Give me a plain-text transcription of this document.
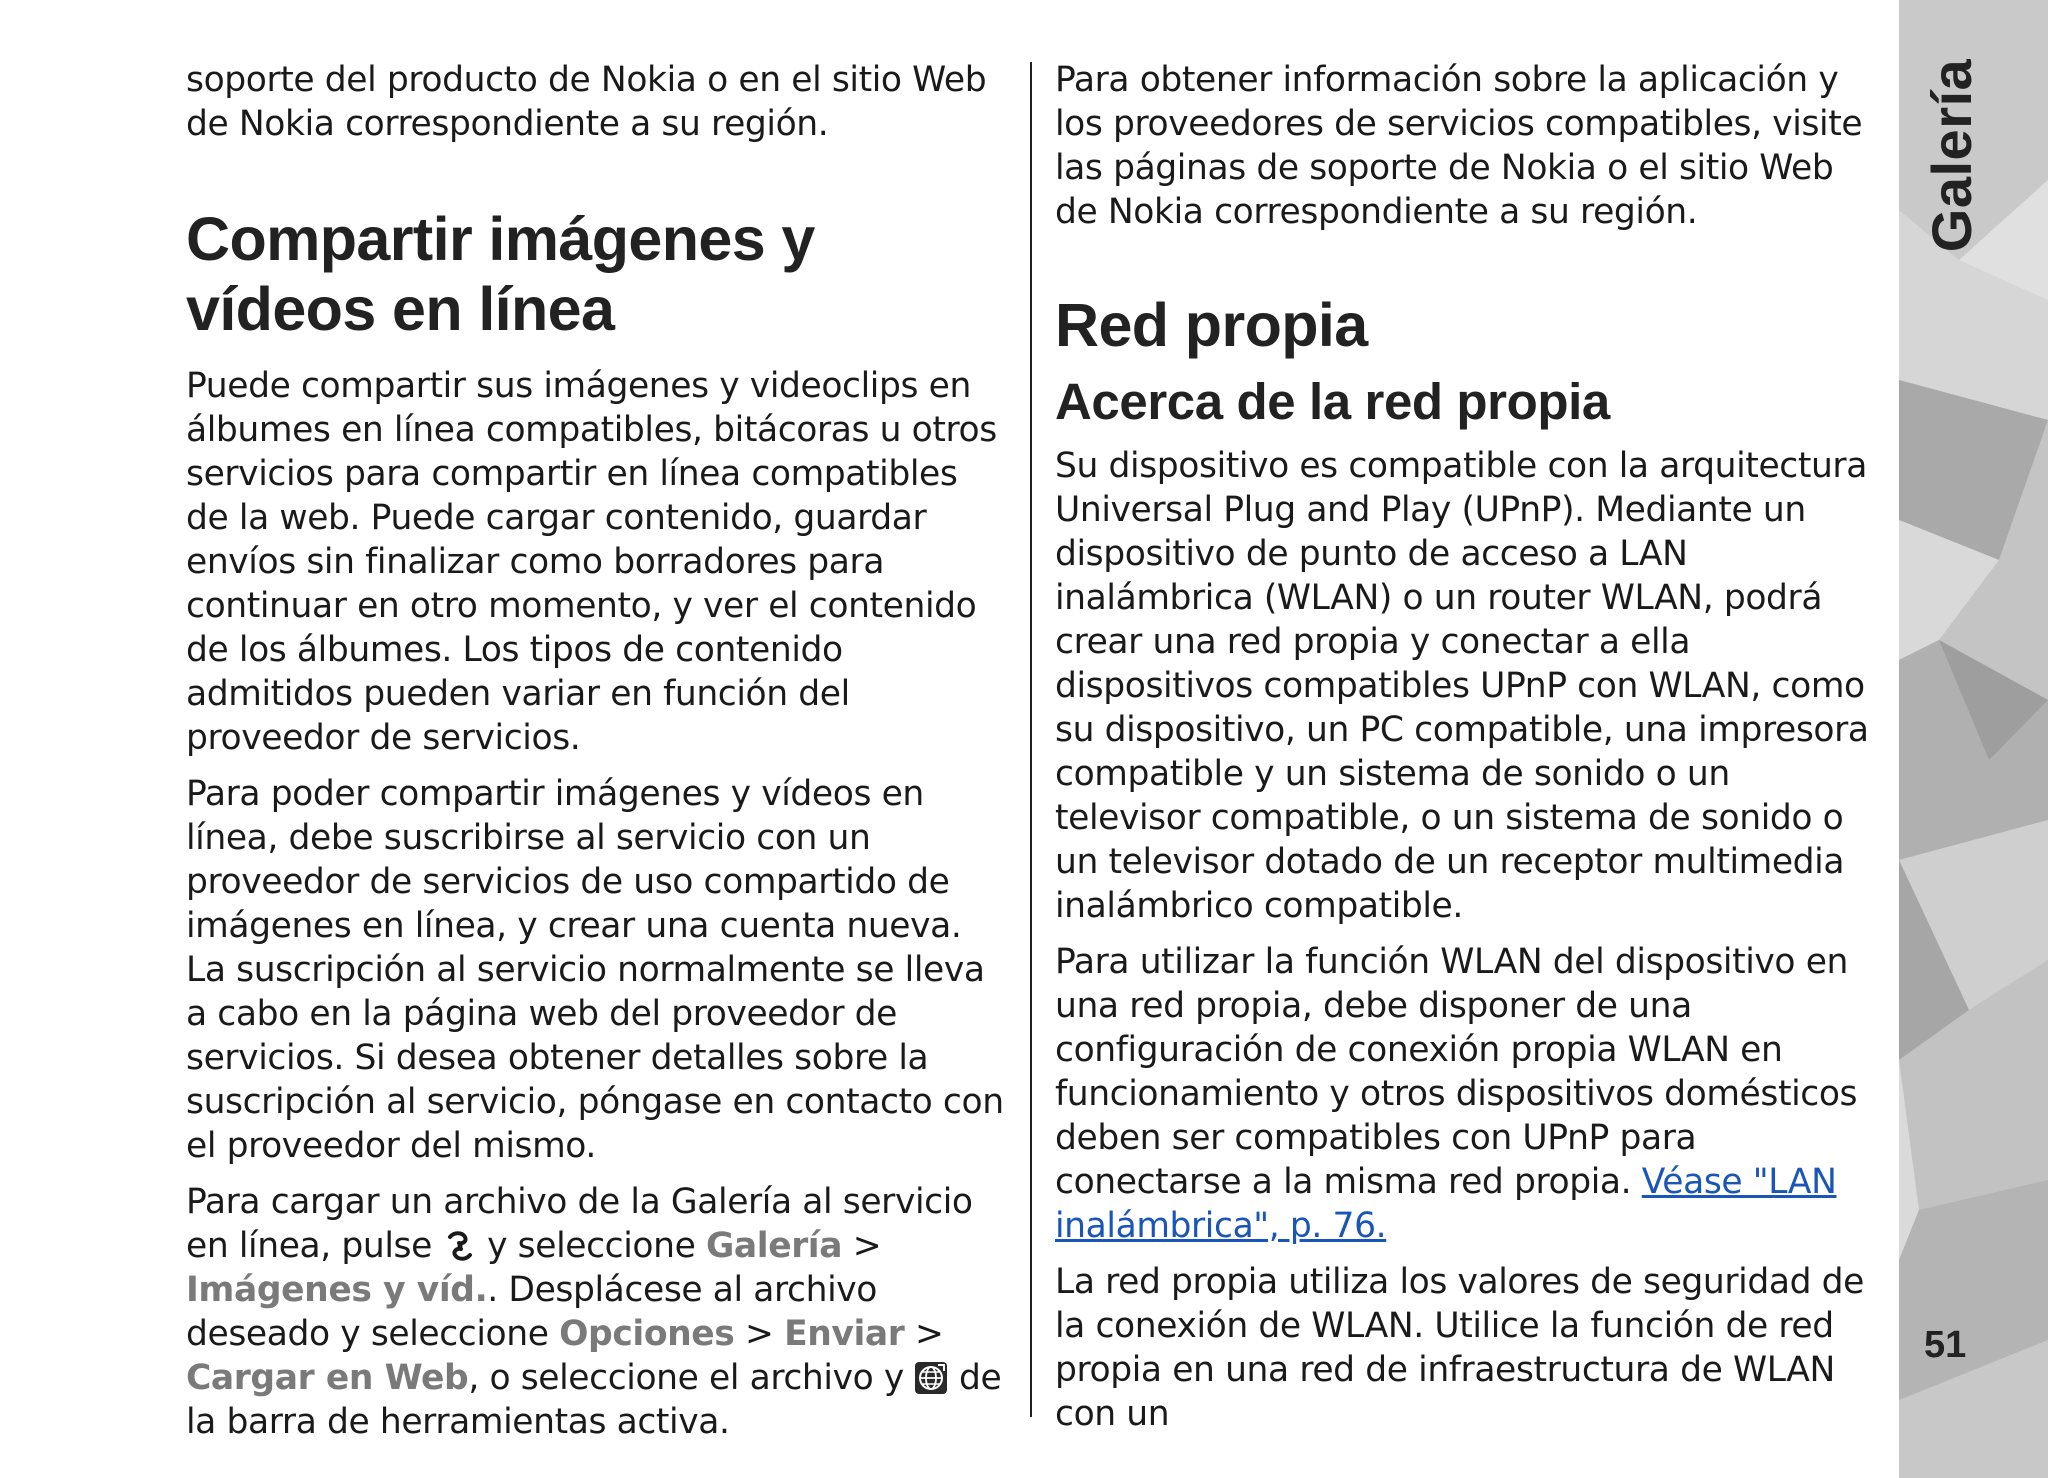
soporte del producto de Nokia o en el sitio Web de Nokia correspondiente a su región.

Compartir imágenes y vídeos en línea

Puede compartir sus imágenes y videoclips en álbumes en línea compatibles, bitácoras u otros servicios para compartir en línea compatibles de la web. Puede cargar contenido, guardar envíos sin finalizar como borradores para continuar en otro momento, y ver el contenido de los álbumes. Los tipos de contenido admitidos pueden variar en función del proveedor de servicios.

Para poder compartir imágenes y vídeos en línea, debe suscribirse al servicio con un proveedor de servicios de uso compartido de imágenes en línea, y crear una cuenta nueva. La suscripción al servicio normalmente se lleva a cabo en la página web del proveedor de servicios. Si desea obtener detalles sobre la suscripción al servicio, póngase en contacto con el proveedor del mismo.

Para cargar un archivo de la Galería al servicio en línea, pulse  y seleccione Galería > Imágenes y víd.. Desplácese al archivo deseado y seleccione Opciones > Enviar > Cargar en Web, o seleccione el archivo y  de la barra de herramientas activa.

Para obtener información sobre la aplicación y los proveedores de servicios compatibles, visite las páginas de soporte de Nokia o el sitio Web de Nokia correspondiente a su región.

Red propia
Acerca de la red propia

Su dispositivo es compatible con la arquitectura Universal Plug and Play (UPnP). Mediante un dispositivo de punto de acceso a LAN inalámbrica (WLAN) o un router WLAN, podrá crear una red propia y conectar a ella dispositivos compatibles UPnP con WLAN, como su dispositivo, un PC compatible, una impresora compatible y un sistema de sonido o un televisor compatible, o un sistema de sonido o un televisor dotado de un receptor multimedia inalámbrico compatible.

Para utilizar la función WLAN del dispositivo en una red propia, debe disponer de una configuración de conexión propia WLAN en funcionamiento y otros dispositivos domésticos deben ser compatibles con UPnP para conectarse a la misma red propia. Véase "LAN inalámbrica", p. 76.

La red propia utiliza los valores de seguridad de la conexión de WLAN. Utilice la función de red propia en una red de infraestructura de WLAN con un

Galería
51
